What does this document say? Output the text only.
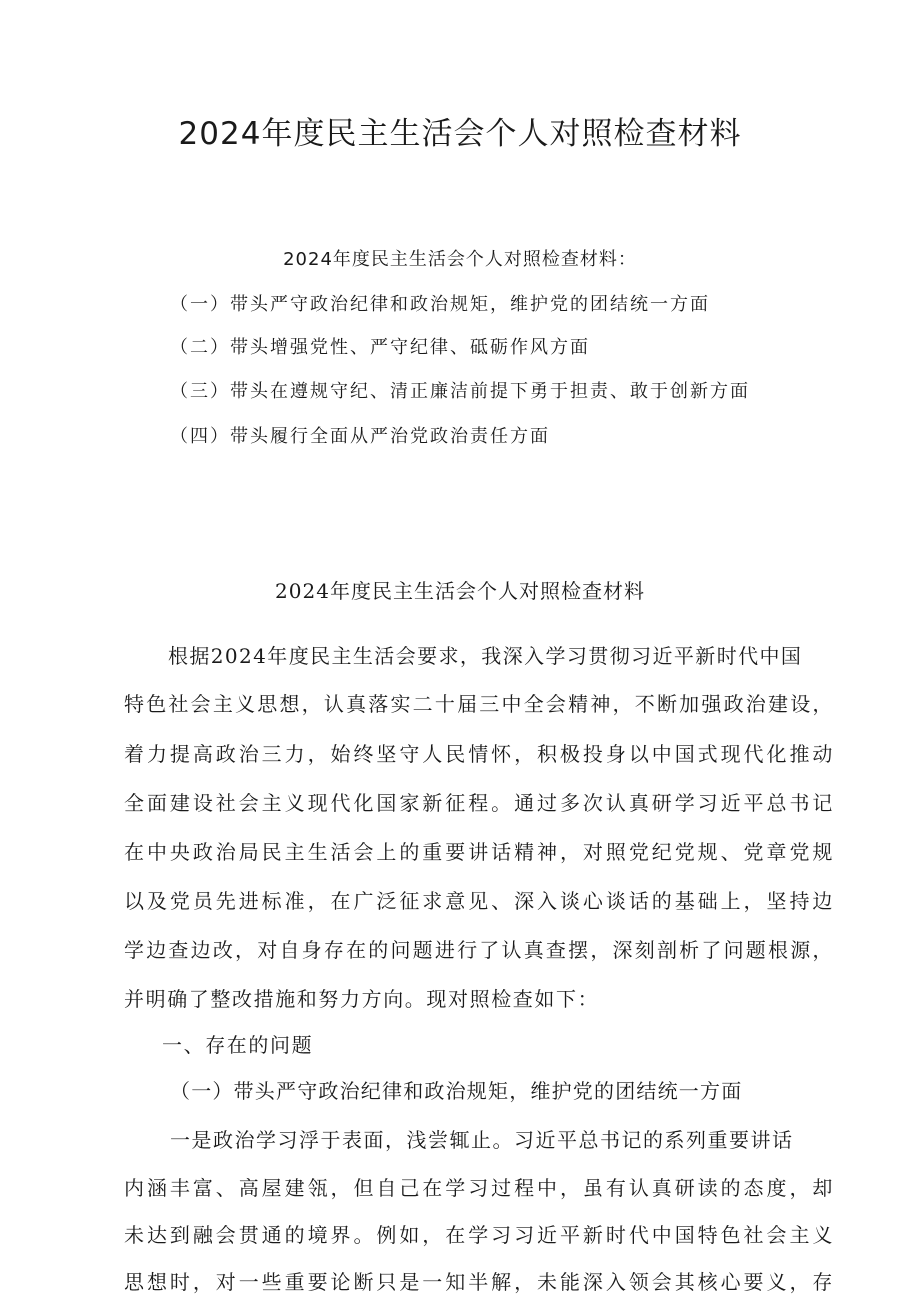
2024年度民主生活会个人对照检查材料
2024年度民主生活会个人对照检查材料：
（一）带头严守政治纪律和政治规矩，维护党的团结统一方面
（二）带头增强党性、严守纪律、砥砺作风方面
（三）带头在遵规守纪、清正廉洁前提下勇于担责、敢于创新方面
（四）带头履行全面从严治党政治责任方面
2024年度民主生活会个人对照检查材料
根据2024年度民主生活会要求，我深入学习贯彻习近平新时代中国
特色社会主义思想，认真落实二十届三中全会精神，不断加强政治建设，
着力提高政治三力，始终坚守人民情怀，积极投身以中国式现代化推动
全面建设社会主义现代化国家新征程。通过多次认真研学习近平总书记
在中央政治局民主生活会上的重要讲话精神，对照党纪党规、党章党规
以及党员先进标准，在广泛征求意见、深入谈心谈话的基础上，坚持边
学边查边改，对自身存在的问题进行了认真查摆，深刻剖析了问题根源，
并明确了整改措施和努力方向。现对照检查如下：
一、存在的问题
（一）带头严守政治纪律和政治规矩，维护党的团结统一方面
一是政治学习浮于表面，浅尝辄止。习近平总书记的系列重要讲话
内涵丰富、高屋建瓴，但自己在学习过程中，虽有认真研读的态度，却
未达到融会贯通的境界。例如，在学习习近平新时代中国特色社会主义
思想时，对一些重要论断只是一知半解，未能深入领会其核心要义，存
